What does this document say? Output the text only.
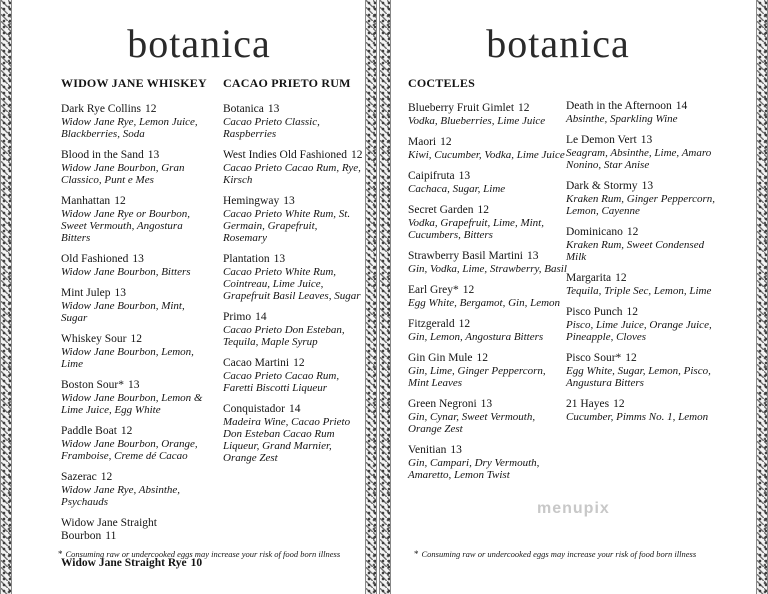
botanica
WIDOW JANE WHISKEY
Dark Rye Collins 12
Widow Jane Rye, Lemon Juice, Blackberries, Soda
Blood in the Sand 13
Widow Jane Bourbon, Gran Classico, Punt e Mes
Manhattan 12
Widow Jane Rye or Bourbon, Sweet Vermouth, Angostura Bitters
Old Fashioned 13
Widow Jane Bourbon, Bitters
Mint Julep 13
Widow Jane Bourbon, Mint, Sugar
Whiskey Sour 12
Widow Jane Bourbon, Lemon, Lime
Boston Sour* 13
Widow Jane Bourbon, Lemon & Lime Juice, Egg White
Paddle Boat 12
Widow Jane Bourbon, Orange, Framboise, Creme dé Cacao
Sazerac 12
Widow Jane Rye, Absinthe, Psychauds
Widow Jane Straight Bourbon 11
Widow Jane Straight Rye 10
CACAO PRIETO RUM
Botanica 13
Cacao Prieto Classic, Raspberries
West Indies Old Fashioned 12
Cacao Prieto Cacao Rum, Rye, Kirsch
Hemingway 13
Cacao Prieto White Rum, St. Germain, Grapefruit, Rosemary
Plantation 13
Cacao Prieto White Rum, Cointreau, Lime Juice, Grapefruit Basil Leaves, Sugar
Primo 14
Cacao Prieto Don Esteban, Tequila, Maple Syrup
Cacao Martini 12
Cacao Prieto Cacao Rum, Faretti Biscotti Liqueur
Conquistador 14
Madeira Wine, Cacao Prieto Don Esteban Cacao Rum Liqueur, Grand Marnier, Orange Zest
* Consuming raw or undercooked eggs may increase your risk of food born illness
botanica
COCTELES
Blueberry Fruit Gimlet 12
Vodka, Blueberries, Lime Juice
Maori 12
Kiwi, Cucumber, Vodka, Lime Juice
Caipifruta 13
Cachaca, Sugar, Lime
Secret Garden 12
Vodka, Grapefruit, Lime, Mint, Cucumbers, Bitters
Strawberry Basil Martini 13
Gin, Vodka, Lime, Strawberry, Basil
Earl Grey* 12
Egg White, Bergamot, Gin, Lemon
Fitzgerald 12
Gin, Lemon, Angostura Bitters
Gin Gin Mule 12
Gin, Lime, Ginger Peppercorn, Mint Leaves
Green Negroni 13
Gin, Cynar, Sweet Vermouth, Orange Zest
Venitian 13
Gin, Campari, Dry Vermouth, Amaretto, Lemon Twist
Death in the Afternoon 14
Absinthe, Sparkling Wine
Le Demon Vert 13
Seagram, Absinthe, Lime, Amaro Nonino, Star Anise
Dark & Stormy 13
Kraken Rum, Ginger Peppercorn, Lemon, Cayenne
Dominicano 12
Kraken Rum, Sweet Condensed Milk
Margarita 12
Tequila, Triple Sec, Lemon, Lime
Pisco Punch 12
Pisco, Lime Juice, Orange Juice, Pineapple, Cloves
Pisco Sour* 12
Egg White, Sugar, Lemon, Pisco, Angustura Bitters
21 Hayes 12
Cucumber, Pimms No. 1, Lemon
* Consuming raw or undercooked eggs may increase your risk of food born illness
menupix
